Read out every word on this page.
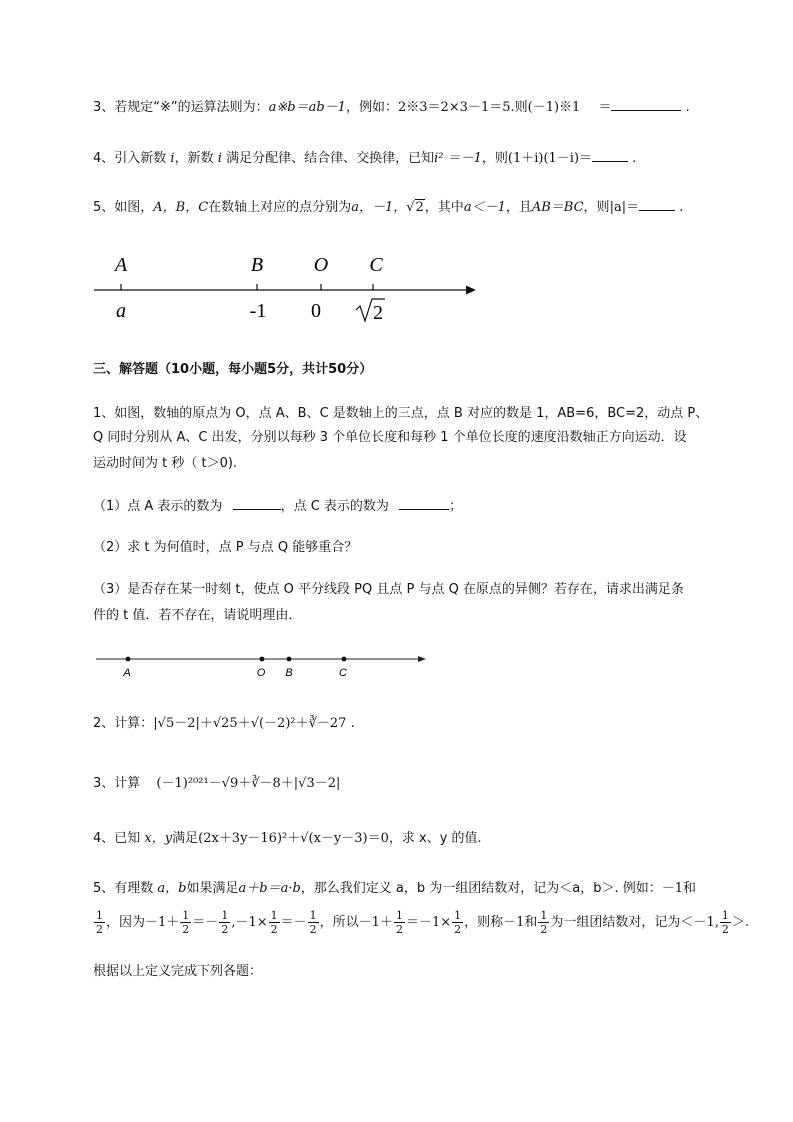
3、若规定“※”的运算法则为：a※b＝ab－1，例如：2※3＝2×3－1＝5.则(－1)※1 ＝	.
4、引入新数 i，新数 i 满足分配律、结合律、交换律，已知i² ＝－1，则(1＋i)(1－i)＝	.
5、如图，A，B，C在数轴上对应的点分别为a，－1，√2，其中a＜－1，且AB＝BC，则|a|＝	.
A	B	O C
a	-1 0	2
三、解答题（10小题，每小题5分，共计50分）
1、如图，数轴的原点为 O，点 A、B、C 是数轴上的三点，点 B 对应的数是 1，AB=6，BC=2，动点 P、
Q 同时分别从 A、C 出发，分别以每秒 3 个单位长度和每秒 1 个单位长度的速度沿数轴正方向运动．设
运动时间为 t 秒（ t＞0).
（1）点 A 表示的数为	，点 C 表示的数为	；
（2）求 t 为何值时，点 P 与点 Q 能够重合？
（3）是否存在某一时刻 t，使点 O 平分线段 PQ 且点 P 与点 Q 在原点的异侧？若存在，请求出满足条
件的 t 值．若不存在，请说明理由．
A	O B	C
2、计算：|√5－2|＋√25＋√(－2)²＋∛－27 .
3、计算 (－1)²⁰²¹－√9＋∛－8＋|√3－2|
4、已知 x，y满足(2x＋3y－16)²＋√(x－y－3)＝0，求 x、y 的值.
5、有理数 a，b如果满足a＋b＝a·b，那么我们定义 a，b 为一组团结数对，记为＜a，b＞. 例如：－1和
$\frac{1}{2}$ ，因为$-1+ \frac{1}{2} =- \frac{1}{2} ,-1\times \frac{1}{2} =- \frac{1}{2}$ ，所以$-1+ \frac{1}{2} =-1\times \frac{1}{2}$ ，则称－1和 $\frac{1}{2}$ 为一组团结数对，记为＜－1, $\frac{1}{2}$ ＞.
根据以上定义完成下列各题：
